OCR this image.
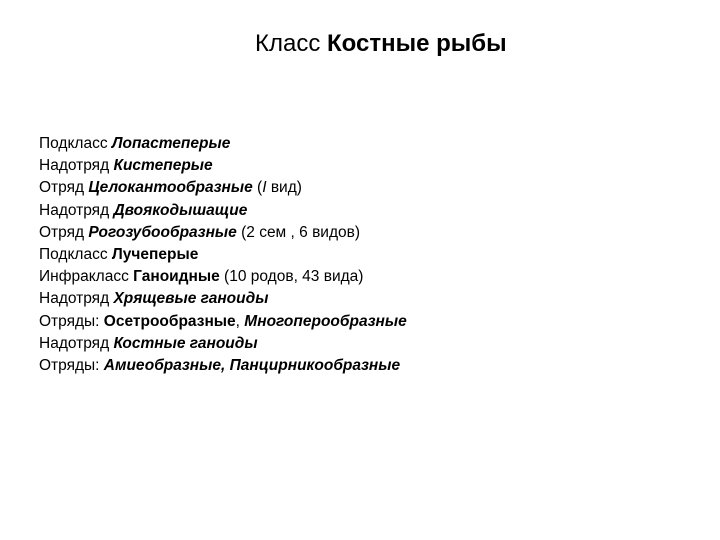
Класс Костные рыбы
Подкласс Лопастеперые
Надотряд Кистеперые
Отряд Целокантообразные (I вид)
Надотряд Двоякодышащие
Отряд Рогозубообразные (2 сем , 6 видов)
Подкласс Лучеперые
Инфракласс Ганоидные (10 родов, 43 вида)
Надотряд Хрящевые ганоиды
Отряды: Осетрообразные, Многоперообразные
Надотряд Костные ганоиды
Отряды: Амиеобразные, Панцирникообразные
